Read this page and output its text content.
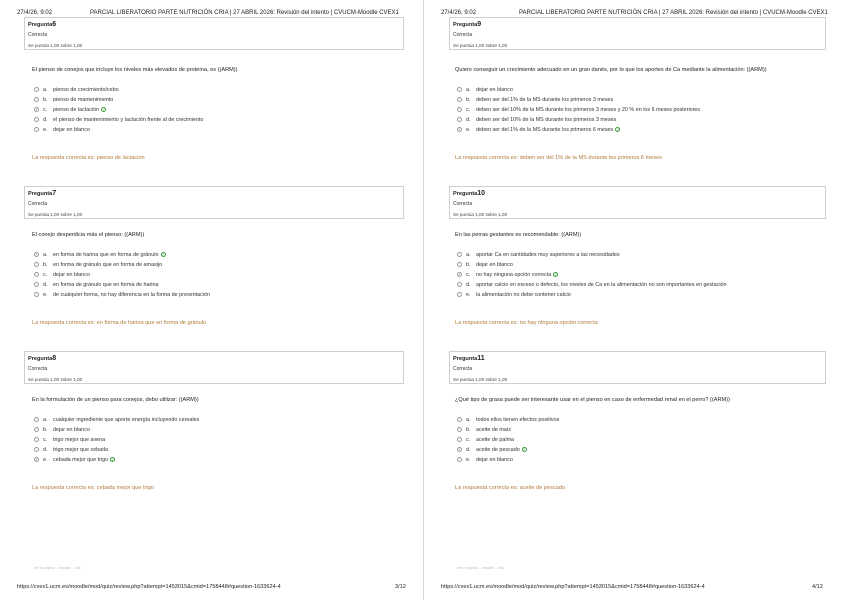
27/4/26, 9:02	PARCIAL LIBERATORIO PARTE NUTRICIÓN CRIA | 27 ABRIL 2026: Revisión del intento | CVUCM-Moodle CVEX1
Pregunta6
Correcta
Se puntúa 1,00 sobre 1,00
El pienso de conejos que incluye los niveles más elevados de proteína, es ((ARM))
a. pienso de crecimiento/cebo
b. pienso de mantenimiento
c. pienso de lactación ✓
d. el pienso de mantenimiento y lactación frente al de crecimiento
e. dejar en blanco
La respuesta correcta es: pienso de lactación
Pregunta7
Correcta
Se puntúa 1,00 sobre 1,00
El conejo desperdicia más el pienso: ((ARM))
a. en forma de harina que en forma de gránulo ✓
b. en forma de gránulo que en forma de amasijo
c. dejar en blanco
d. en forma de gránulo que en forma de harina
e. de cualquier forma, no hay diferencia en la forma de presentación
La respuesta correcta es: en forma de harina que en forma de gránulo
Pregunta8
Correcta
Se puntúa 1,00 sobre 1,00
En la formulación de un pienso para conejos, debo utilizar: ((ARM))
a. cualquier ingrediente que aporte energía incluyendo cereales
b. dejar en blanco
c. trigo mejor que avena
d. trigo mejor que cebada
e. cebada mejor que trigo ✓
La respuesta correcta es: cebada mejor que trigo
Ver el original ... moodle ... info
https://cvex1.ucm.es/moodle/mod/quiz/review.php?attempt=1453015&cmid=1758448#question-1633624-4	3/12
27/4/26, 9:02	PARCIAL LIBERATORIO PARTE NUTRICIÓN CRIA | 27 ABRIL 2026: Revisión del intento | CVUCM-Moodle CVEX1
Pregunta9
Correcta
Se puntúa 1,00 sobre 1,00
Quiero conseguir un crecimiento adecuado en un gran danés, por lo que los aportes de Ca mediante la alimentación: ((ARM))
a. dejar en blanco
b. deben ser del 1% de la MS durante los primeros 3 meses
c. deben ser del 10% de la MS durante los primeros 3 meses y 20 % en los 6 meses posteriores
d. deben ser del 10% de la MS durante los primeros 3 meses
e. deben ser del 1% de la MS durante los primeros 6 meses ✓
La respuesta correcta es: deben ser del 1% de la MS durante los primeros 6 meses
Pregunta10
Correcta
Se puntúa 1,00 sobre 1,00
En las perras gestantes es recomendable: ((ARM))
a. aportar Ca en cantidades muy superiores a las necesidades
b. dejar en blanco
c. no hay ninguna opción correcta ✓
d. aportar calcio en exceso o defecto, los niveles de Ca en la alimentación no son importantes en gestación
e. la alimentación no debe contener calcio
La respuesta correcta es: no hay ninguna opción correcta
Pregunta11
Correcta
Se puntúa 1,00 sobre 1,00
¿Qué tipo de grasa puede ser interesante usar en el pienso en caso de enfermedad renal en el perro? ((ARM))
a. todos ellos tienen efectos positivos
b. aceite de maíz
c. aceite de palma
d. aceite de pescado ✓
e. dejar en blanco
La respuesta correcta es: aceite de pescado
Ver el original ... moodle ... info
https://cvex1.ucm.es/moodle/mod/quiz/review.php?attempt=1453015&cmid=1758448#question-1633624-4	4/12
